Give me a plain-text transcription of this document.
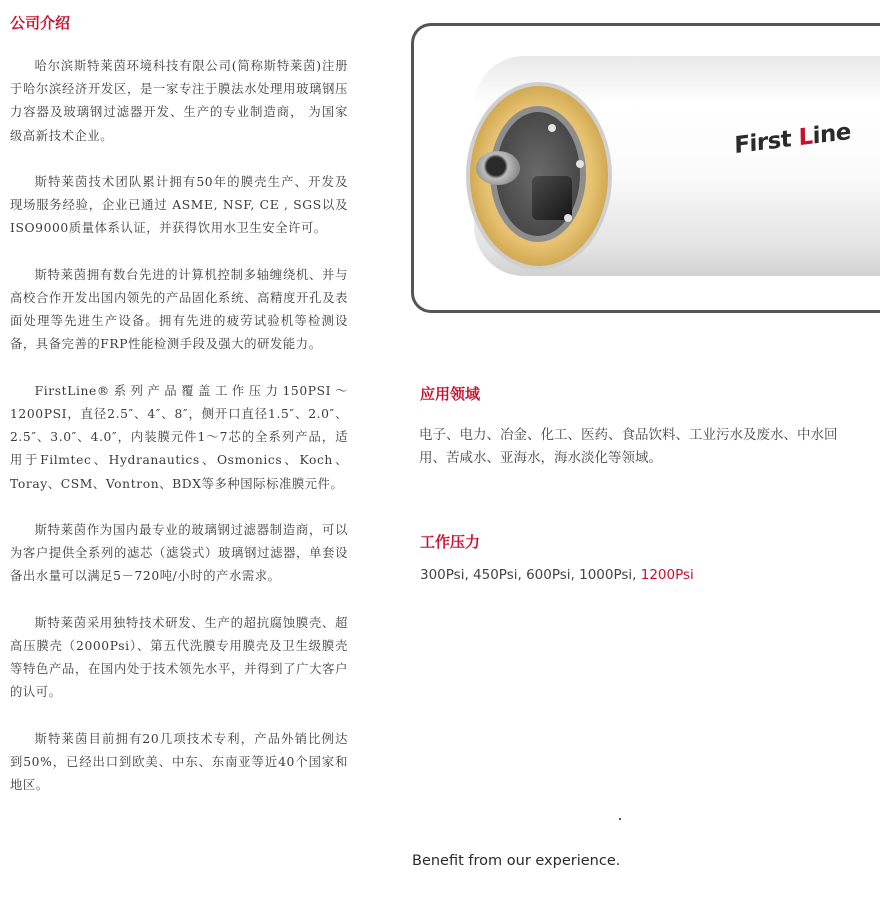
公司介绍

哈尔滨斯特莱茵环境科技有限公司(简称斯特莱茵)注册于哈尔滨经济开发区，是一家专注于膜法水处理用玻璃钢压力容器及玻璃钢过滤器开发、生产的专业制造商， 为国家级高新技术企业。

斯特莱茵技术团队累计拥有50年的膜壳生产、开发及现场服务经验，企业已通过 ASME, NSF, CE , SGS以及ISO9000质量体系认证，并获得饮用水卫生安全许可。

斯特莱茵拥有数台先进的计算机控制多轴缠绕机、并与高校合作开发出国内领先的产品固化系统、高精度开孔及表面处理等先进生产设备。拥有先进的疲劳试验机等检测设备，具备完善的FRP性能检测手段及强大的研发能力。

FirstLine®系列产品覆盖工作压力150PSI～1200PSI，直径2.5″、4″、8″，侧开口直径1.5″、2.0″、2.5″、3.0″、4.0″，内装膜元件1～7芯的全系列产品，适用于Filmtec、Hydranautics、Osmonics、Koch、Toray、CSM、Vontron、BDX等多种国际标准膜元件。

斯特莱茵作为国内最专业的玻璃钢过滤器制造商，可以为客户提供全系列的滤芯（滤袋式）玻璃钢过滤器，单套设备出水量可以满足5－720吨/小时的产水需求。

斯特莱茵采用独特技术研发、生产的超抗腐蚀膜壳、超高压膜壳（2000Psi）、第五代洗膜专用膜壳及卫生级膜壳等特色产品，在国内处于技术领先水平，并得到了广大客户的认可。

斯特莱茵目前拥有20几项技术专利，产品外销比例达到50%，已经出口到欧美、中东、东南亚等近40个国家和地区。

First Line
应用领域

电子、电力、冶金、化工、医药、食品饮料、工业污水及废水、中水回用、苦咸水、亚海水，海水淡化等领域。

工作压力

300Psi, 450Psi, 600Psi, 1000Psi, 1200Psi

Benefit from our experience.
